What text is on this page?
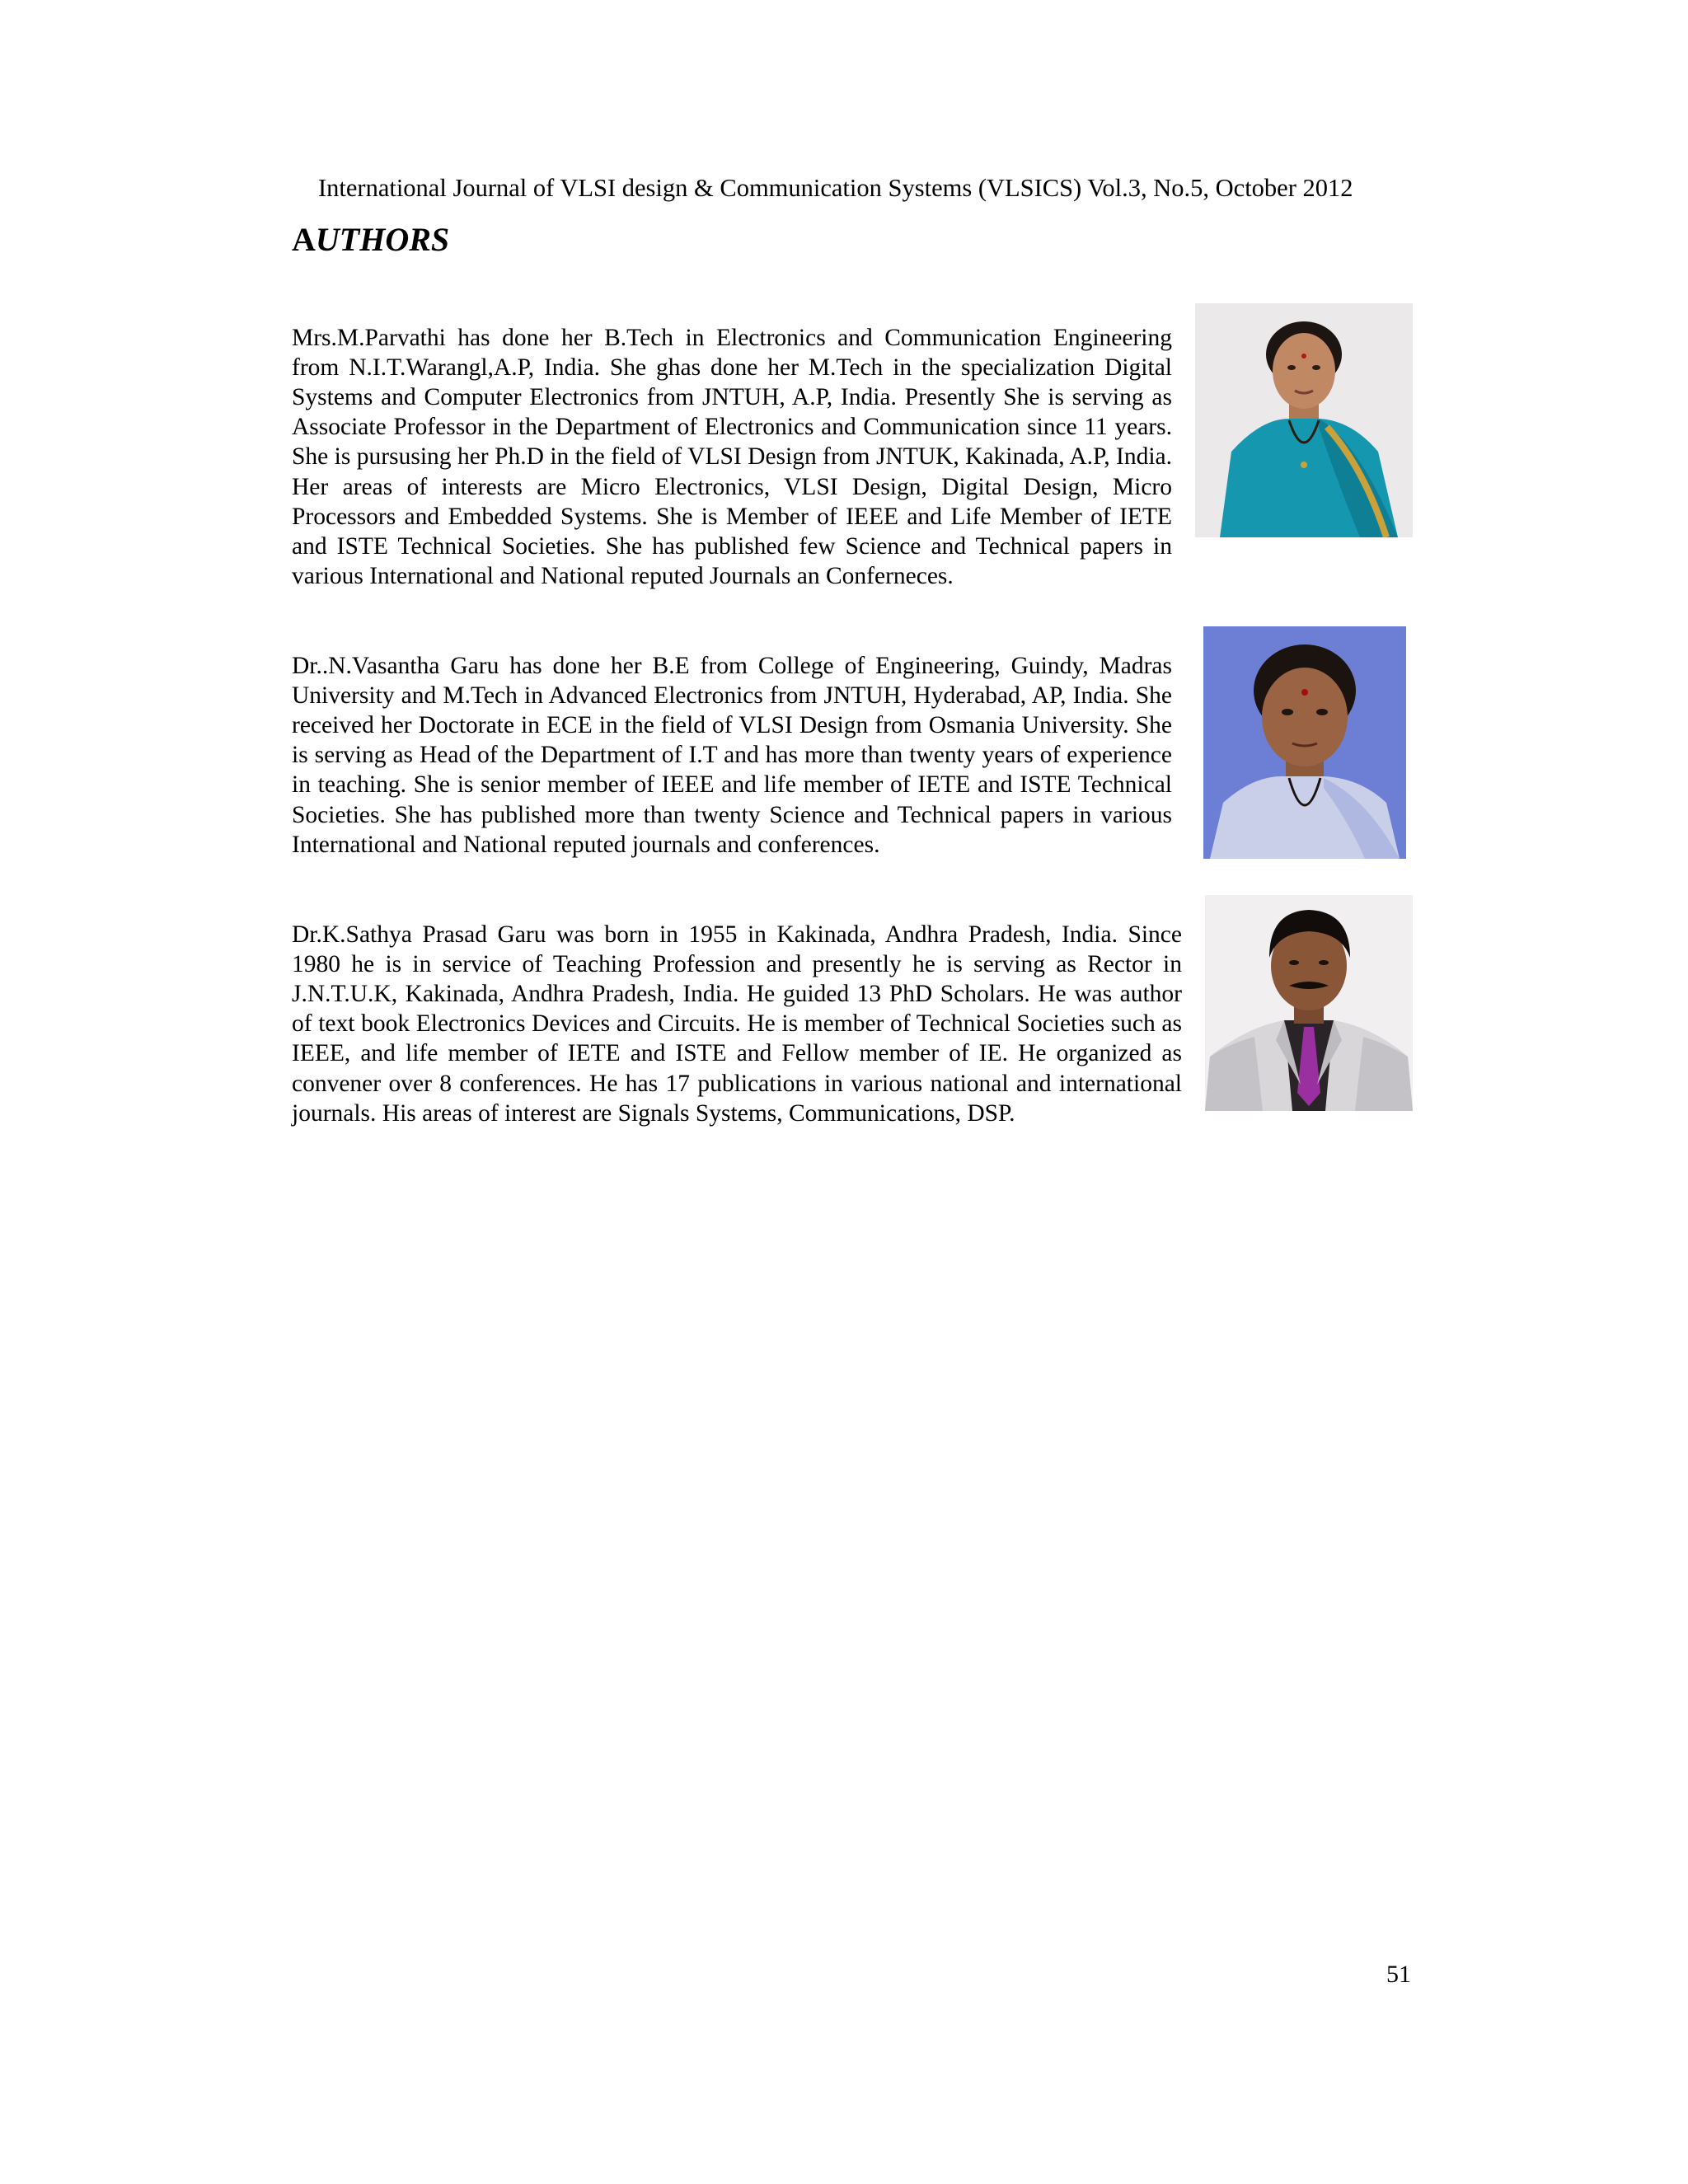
International Journal of VLSI design & Communication Systems (VLSICS) Vol.3, No.5, October 2012
AUTHORS

Mrs.M.Parvathi has done her B.Tech in Electronics and Communication Engineering from N.I.T.Warangl,A.P, India. She ghas done her M.Tech in the specialization Digital Systems and Computer Electronics from JNTUH, A.P, India. Presently She is serving as Associate Professor in the Department of Electronics and Communication since 11 years. She is pursusing her Ph.D in the field of VLSI Design from JNTUK, Kakinada, A.P, India. Her areas of interests are Micro Electronics, VLSI Design, Digital Design, Micro Processors and Embedded Systems. She is Member of IEEE and Life Member of IETE and ISTE Technical Societies. She has published few Science and Technical papers in various International and National reputed Journals an Conferneces.

Dr..N.Vasantha Garu has done her B.E from College of Engineering, Guindy, Madras University and M.Tech in Advanced Electronics from JNTUH, Hyderabad, AP, India. She received her Doctorate in ECE in the field of VLSI Design from Osmania University. She is serving as Head of the Department of I.T and has more than twenty years of experience in teaching. She is senior member of IEEE and life member of IETE and ISTE Technical Societies. She has published more than twenty Science and Technical papers in various International and National reputed journals and conferences.

Dr.K.Sathya Prasad Garu was born in 1955 in Kakinada, Andhra Pradesh, India. Since 1980 he is in service of Teaching Profession and presently he is serving as Rector in J.N.T.U.K, Kakinada, Andhra Pradesh, India. He guided 13 PhD Scholars. He was author of text book Electronics Devices and Circuits. He is member of Technical Societies such as IEEE, and life member of IETE and ISTE and Fellow member of IE. He organized as convener over 8 conferences. He has 17 publications in various national and international journals. His areas of interest are Signals Systems, Communications, DSP.

51
